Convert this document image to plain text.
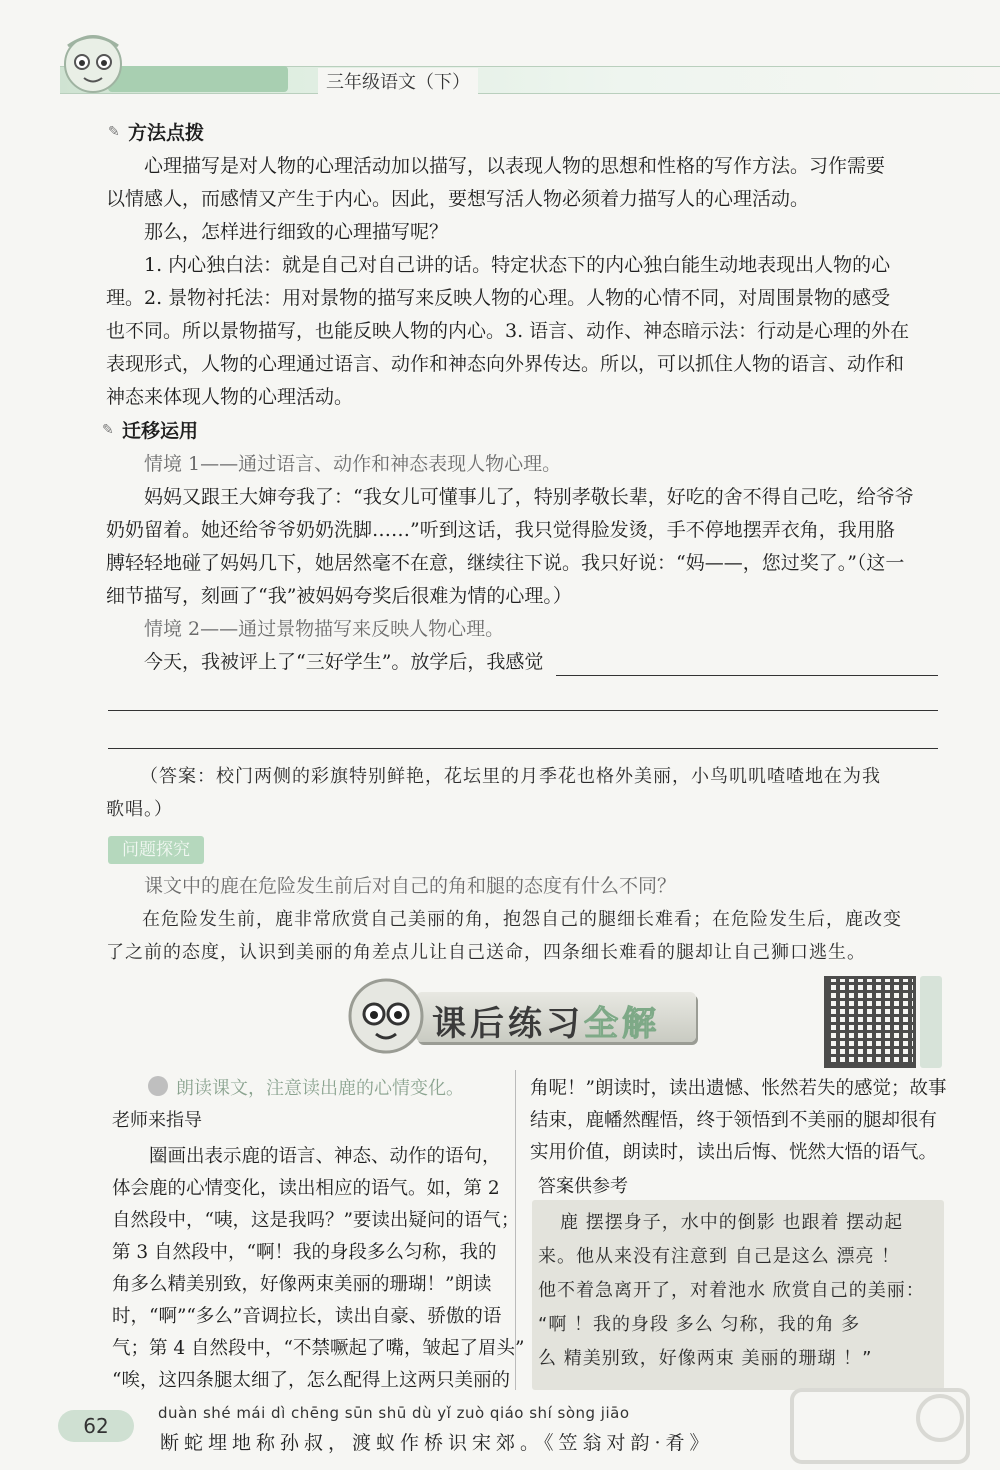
三年级语文（下）
✎ 方法点拨
心理描写是对人物的心理活动加以描写，以表现人物的思想和性格的写作方法。习作需要
以情感人，而感情又产生于内心。因此，要想写活人物必须着力描写人的心理活动。
那么，怎样进行细致的心理描写呢？
1. 内心独白法：就是自己对自己讲的话。特定状态下的内心独白能生动地表现出人物的心
理。2. 景物衬托法：用对景物的描写来反映人物的心理。人物的心情不同，对周围景物的感受
也不同。所以景物描写，也能反映人物的内心。3. 语言、动作、神态暗示法：行动是心理的外在
表现形式，人物的心理通过语言、动作和神态向外界传达。所以，可以抓住人物的语言、动作和
神态来体现人物的心理活动。
✎ 迁移运用
情境 1——通过语言、动作和神态表现人物心理。
妈妈又跟王大婶夸我了：“我女儿可懂事儿了，特别孝敬长辈，好吃的舍不得自己吃，给爷爷
奶奶留着。她还给爷爷奶奶洗脚……”听到这话，我只觉得脸发烫，手不停地摆弄衣角，我用胳
膊轻轻地碰了妈妈几下，她居然毫不在意，继续往下说。我只好说：“妈——，您过奖了。”（这一
细节描写，刻画了“我”被妈妈夸奖后很难为情的心理。）
情境 2——通过景物描写来反映人物心理。
今天，我被评上了“三好学生”。放学后，我感觉
（答案：校门两侧的彩旗特别鲜艳，花坛里的月季花也格外美丽，小鸟叽叽喳喳地在为我
歌唱。）
问题探究
课文中的鹿在危险发生前后对自己的角和腿的态度有什么不同？
在危险发生前，鹿非常欣赏自己美丽的角，抱怨自己的腿细长难看；在危险发生后，鹿改变
了之前的态度，认识到美丽的角差点儿让自己送命，四条细长难看的腿却让自己狮口逃生。
课后练习全解
朗读课文，注意读出鹿的心情变化。
老师来指导
圈画出表示鹿的语言、神态、动作的语句，
体会鹿的心情变化，读出相应的语气。如，第 2
自然段中，“咦，这是我吗？”要读出疑问的语气；
第 3 自然段中，“啊！我的身段多么匀称，我的
角多么精美别致，好像两束美丽的珊瑚！”朗读
时，“啊”“多么”音调拉长，读出自豪、骄傲的语
气；第 4 自然段中，“不禁噘起了嘴，皱起了眉头”
“唉，这四条腿太细了，怎么配得上这两只美丽的
角呢！”朗读时，读出遗憾、怅然若失的感觉；故事
结束，鹿幡然醒悟，终于领悟到不美丽的腿却很有
实用价值，朗读时，读出后悔、恍然大悟的语气。
答案供参考
鹿 摆摆身子，水中的倒影 也跟着 摆动起
来。他从来没有注意到 自己是这么 漂亮 ！
他不着急离开了，对着池水 欣赏自己的美丽：
“啊 ！我的身段 多么 匀称，我的角 多
么 精美别致，好像两束 美丽的珊瑚 ！”
62
duàn shé mái dì chēng sūn shū dù yǐ zuò qiáo shí sòng jiāo
断蛇埋地称孙叔，渡蚁作桥识宋郊。《笠翁对韵·肴》
